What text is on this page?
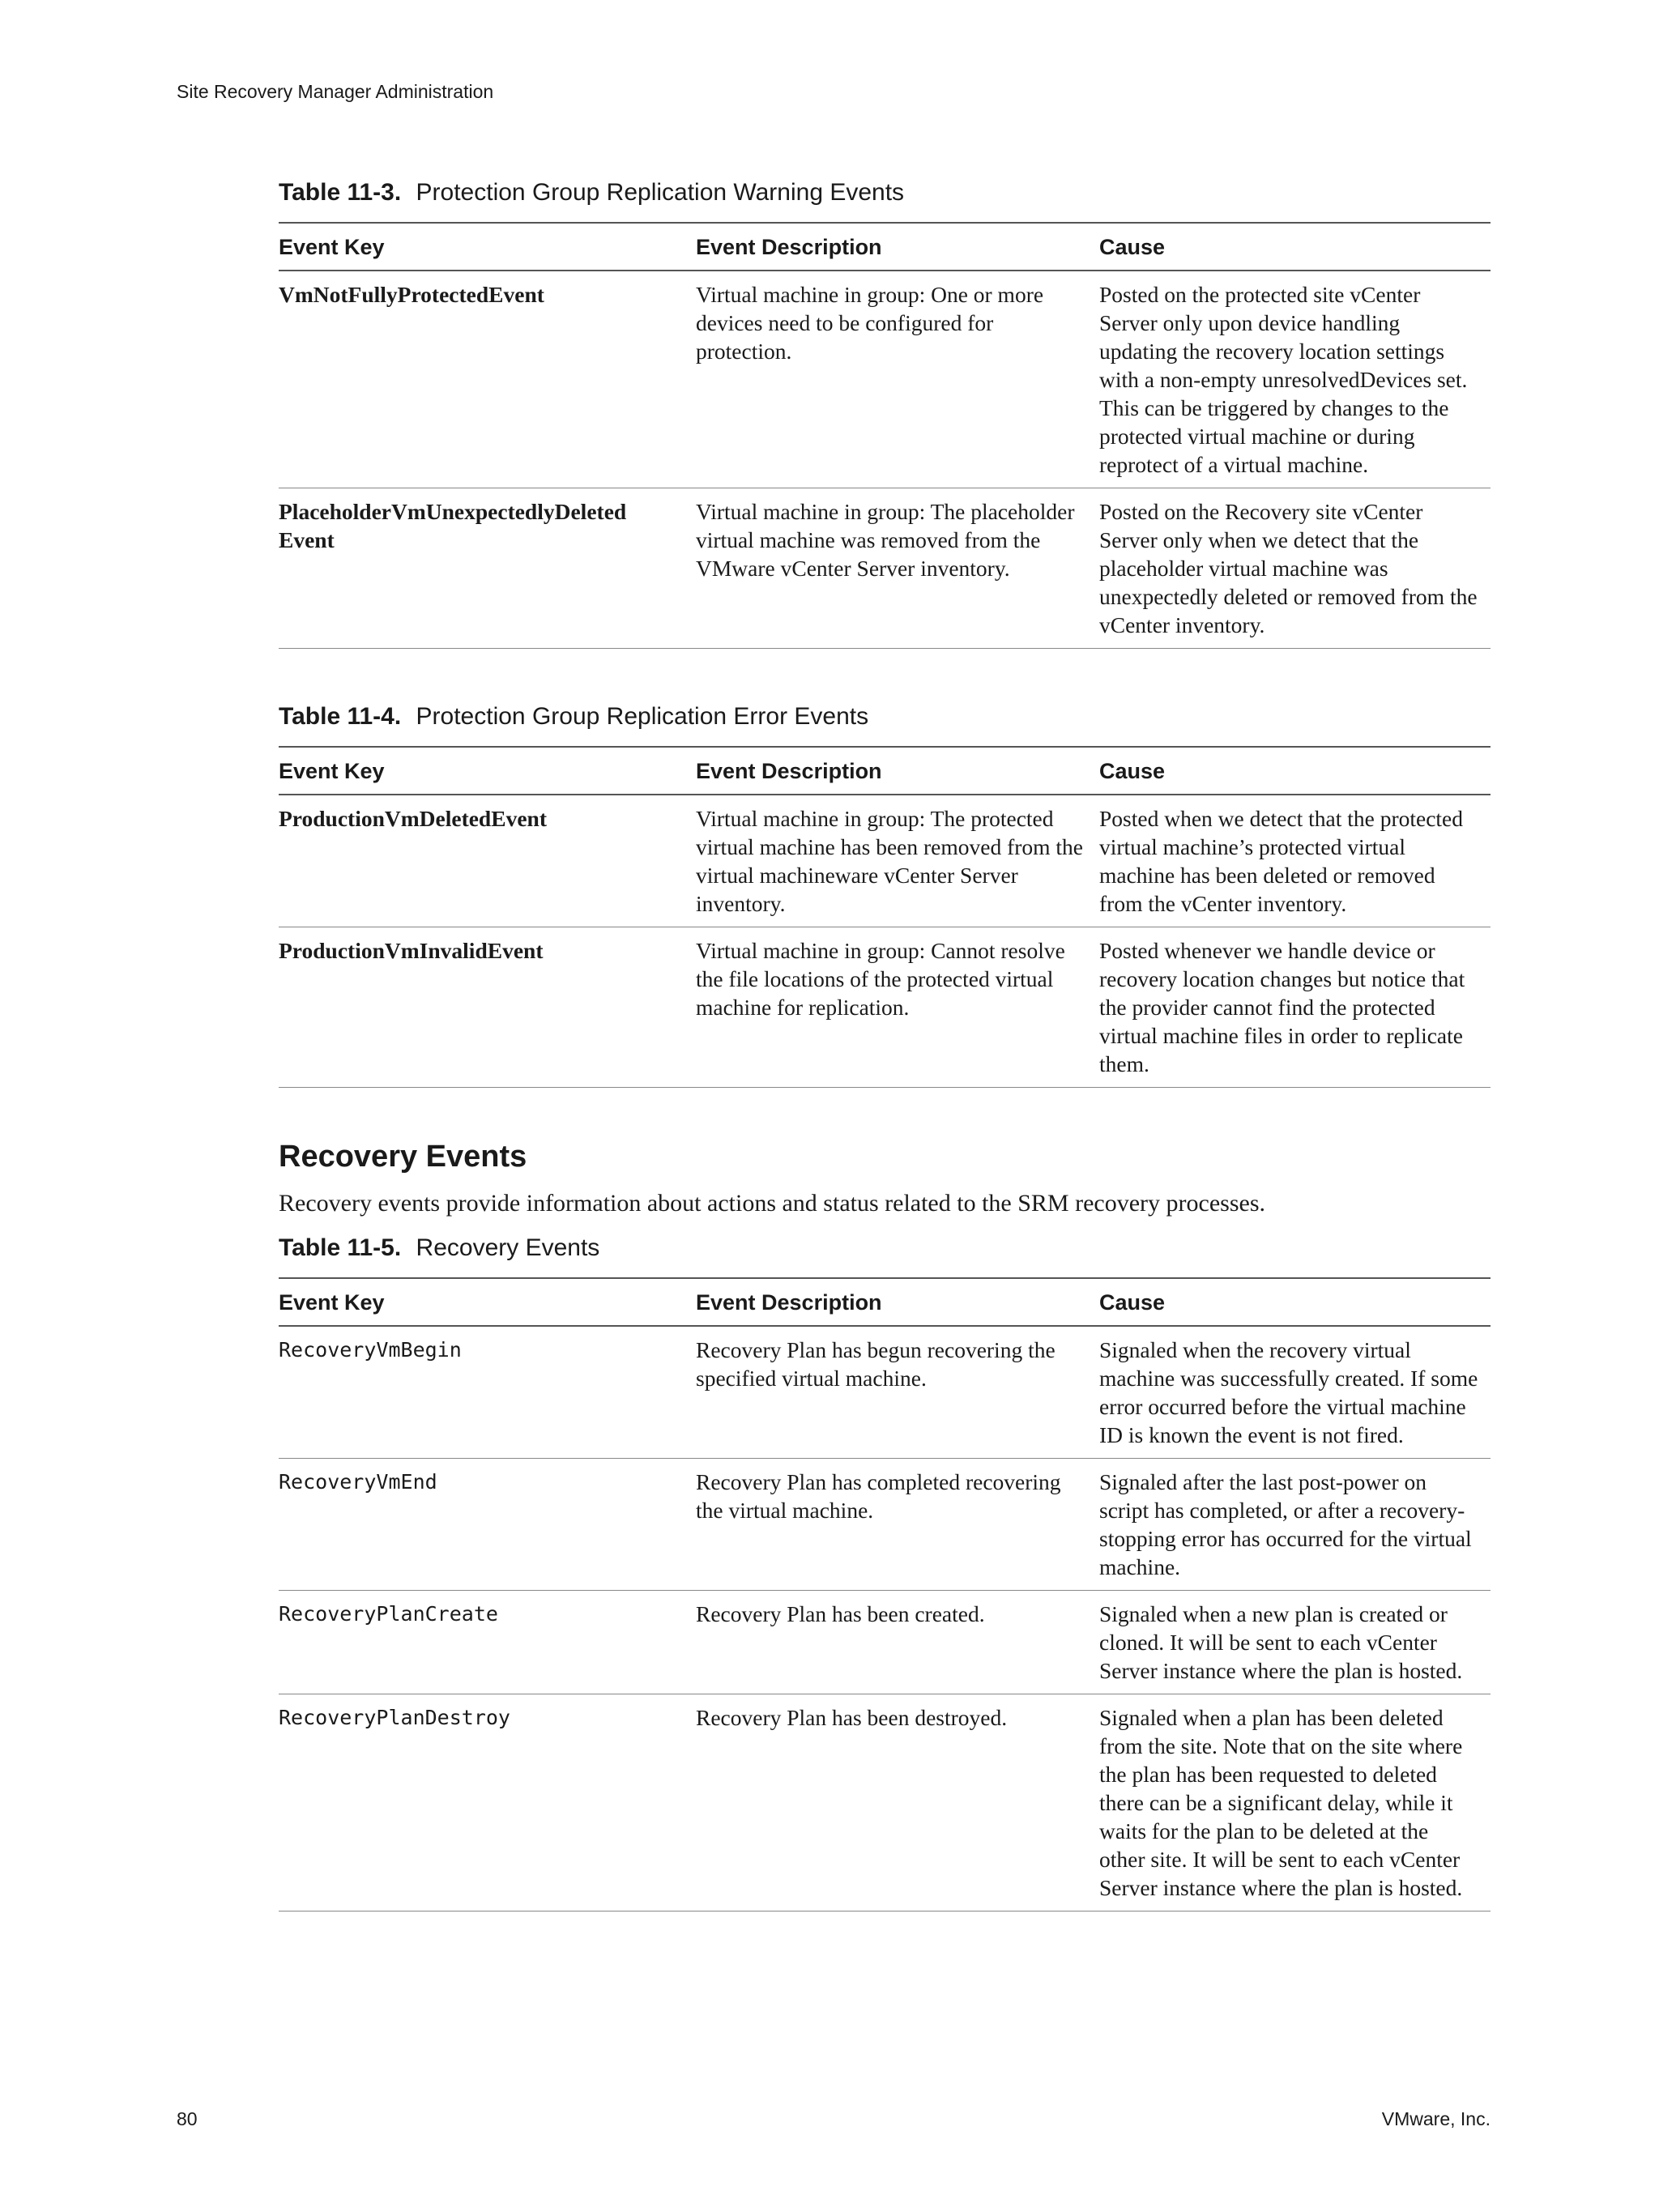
Site Recovery Manager Administration
Table 11-3. Protection Group Replication Warning Events
Event Key	Event Description	Cause
VmNotFullyProtectedEvent	Virtual machine in group: One or more devices need to be configured for protection.	Posted on the protected site vCenter Server only upon device handling updating the recovery location settings with a non-empty unresolvedDevices set. This can be triggered by changes to the protected virtual machine or during reprotect of a virtual machine.
PlaceholderVmUnexpectedlyDeleted Event	Virtual machine in group: The placeholder virtual machine was removed from the VMware vCenter Server inventory.	Posted on the Recovery site vCenter Server only when we detect that the placeholder virtual machine was unexpectedly deleted or removed from the vCenter inventory.
Table 11-4. Protection Group Replication Error Events
Event Key	Event Description	Cause
ProductionVmDeletedEvent	Virtual machine in group: The protected virtual machine has been removed from the virtual machineware vCenter Server inventory.	Posted when we detect that the protected virtual machine’s protected virtual machine has been deleted or removed from the vCenter inventory.
ProductionVmInvalidEvent	Virtual machine in group: Cannot resolve the file locations of the protected virtual machine for replication.	Posted whenever we handle device or recovery location changes but notice that the provider cannot find the protected virtual machine files in order to replicate them.
Recovery Events

Recovery events provide information about actions and status related to the SRM recovery processes.

Table 11-5. Recovery Events
Event Key	Event Description	Cause
RecoveryVmBegin	Recovery Plan has begun recovering the specified virtual machine.	Signaled when the recovery virtual machine was successfully created. If some error occurred before the virtual machine ID is known the event is not fired.
RecoveryVmEnd	Recovery Plan has completed recovering the virtual machine.	Signaled after the last post-power on script has completed, or after a recovery-stopping error has occurred for the virtual machine.
RecoveryPlanCreate	Recovery Plan has been created.	Signaled when a new plan is created or cloned. It will be sent to each vCenter Server instance where the plan is hosted.
RecoveryPlanDestroy	Recovery Plan has been destroyed.	Signaled when a plan has been deleted from the site. Note that on the site where the plan has been requested to deleted there can be a significant delay, while it waits for the plan to be deleted at the other site. It will be sent to each vCenter Server instance where the plan is hosted.
80	VMware, Inc.
